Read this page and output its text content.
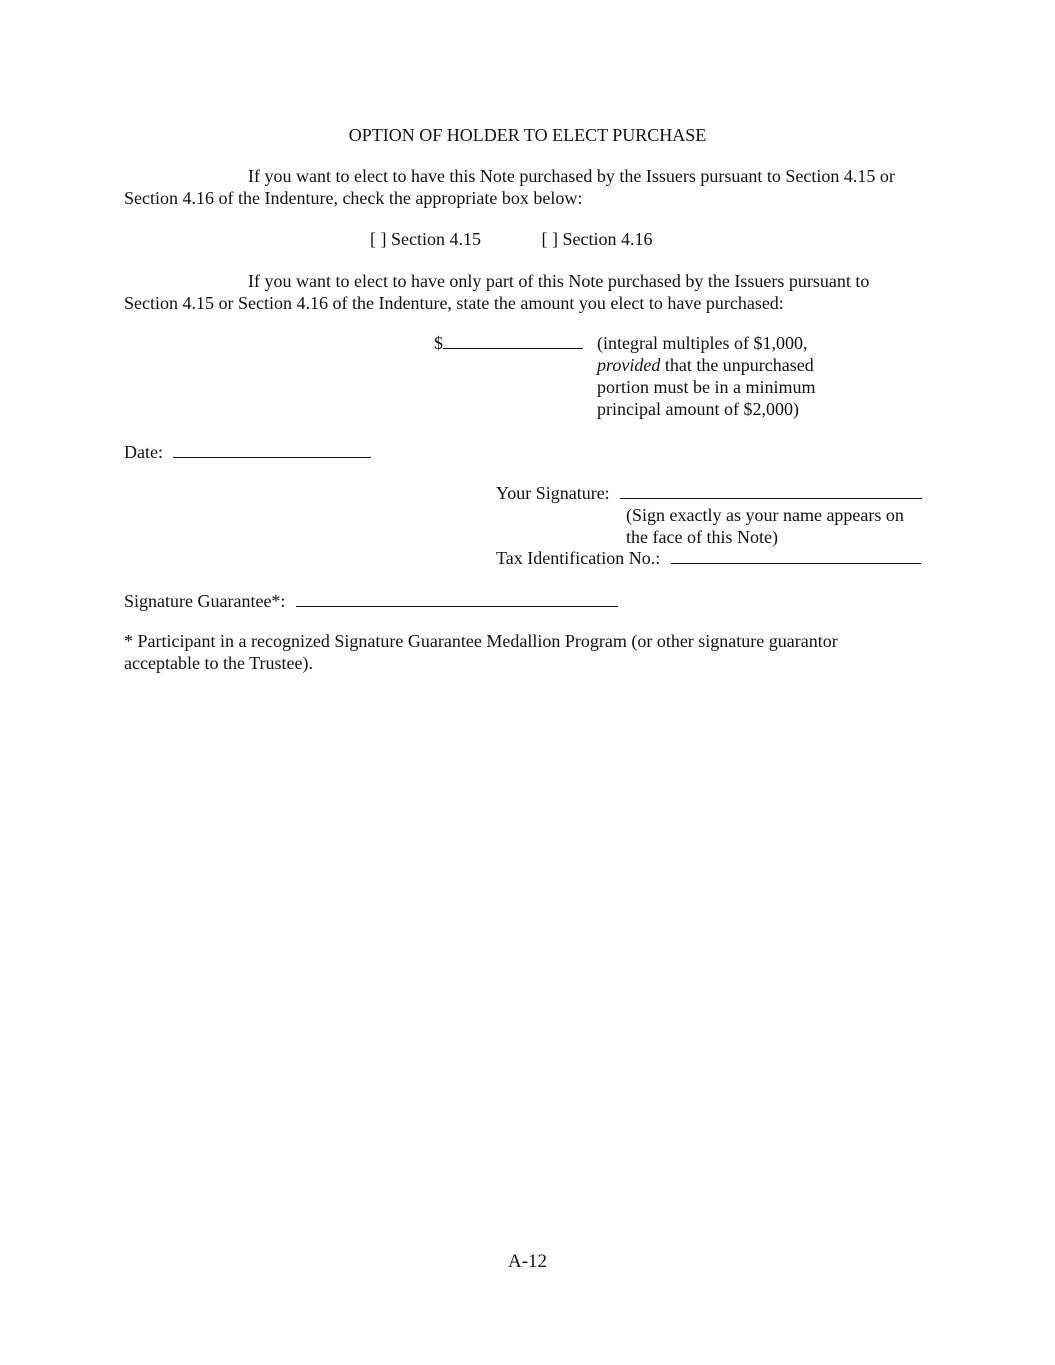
OPTION OF HOLDER TO ELECT PURCHASE
If you want to elect to have this Note purchased by the Issuers pursuant to Section 4.15 or
Section 4.16 of the Indenture, check the appropriate box below:
[ ] Section 4.15	[ ] Section 4.16
If you want to elect to have only part of this Note purchased by the Issuers pursuant to
Section 4.15 or Section 4.16 of the Indenture, state the amount you elect to have purchased:
$	(integral multiples of $1,000,
provided that the unpurchased
portion must be in a minimum
principal amount of $2,000)
Date:
Your Signature:
(Sign exactly as your name appears on
the face of this Note)
Tax Identification No.:
Signature Guarantee*:
* Participant in a recognized Signature Guarantee Medallion Program (or other signature guarantor
acceptable to the Trustee).
A-12
